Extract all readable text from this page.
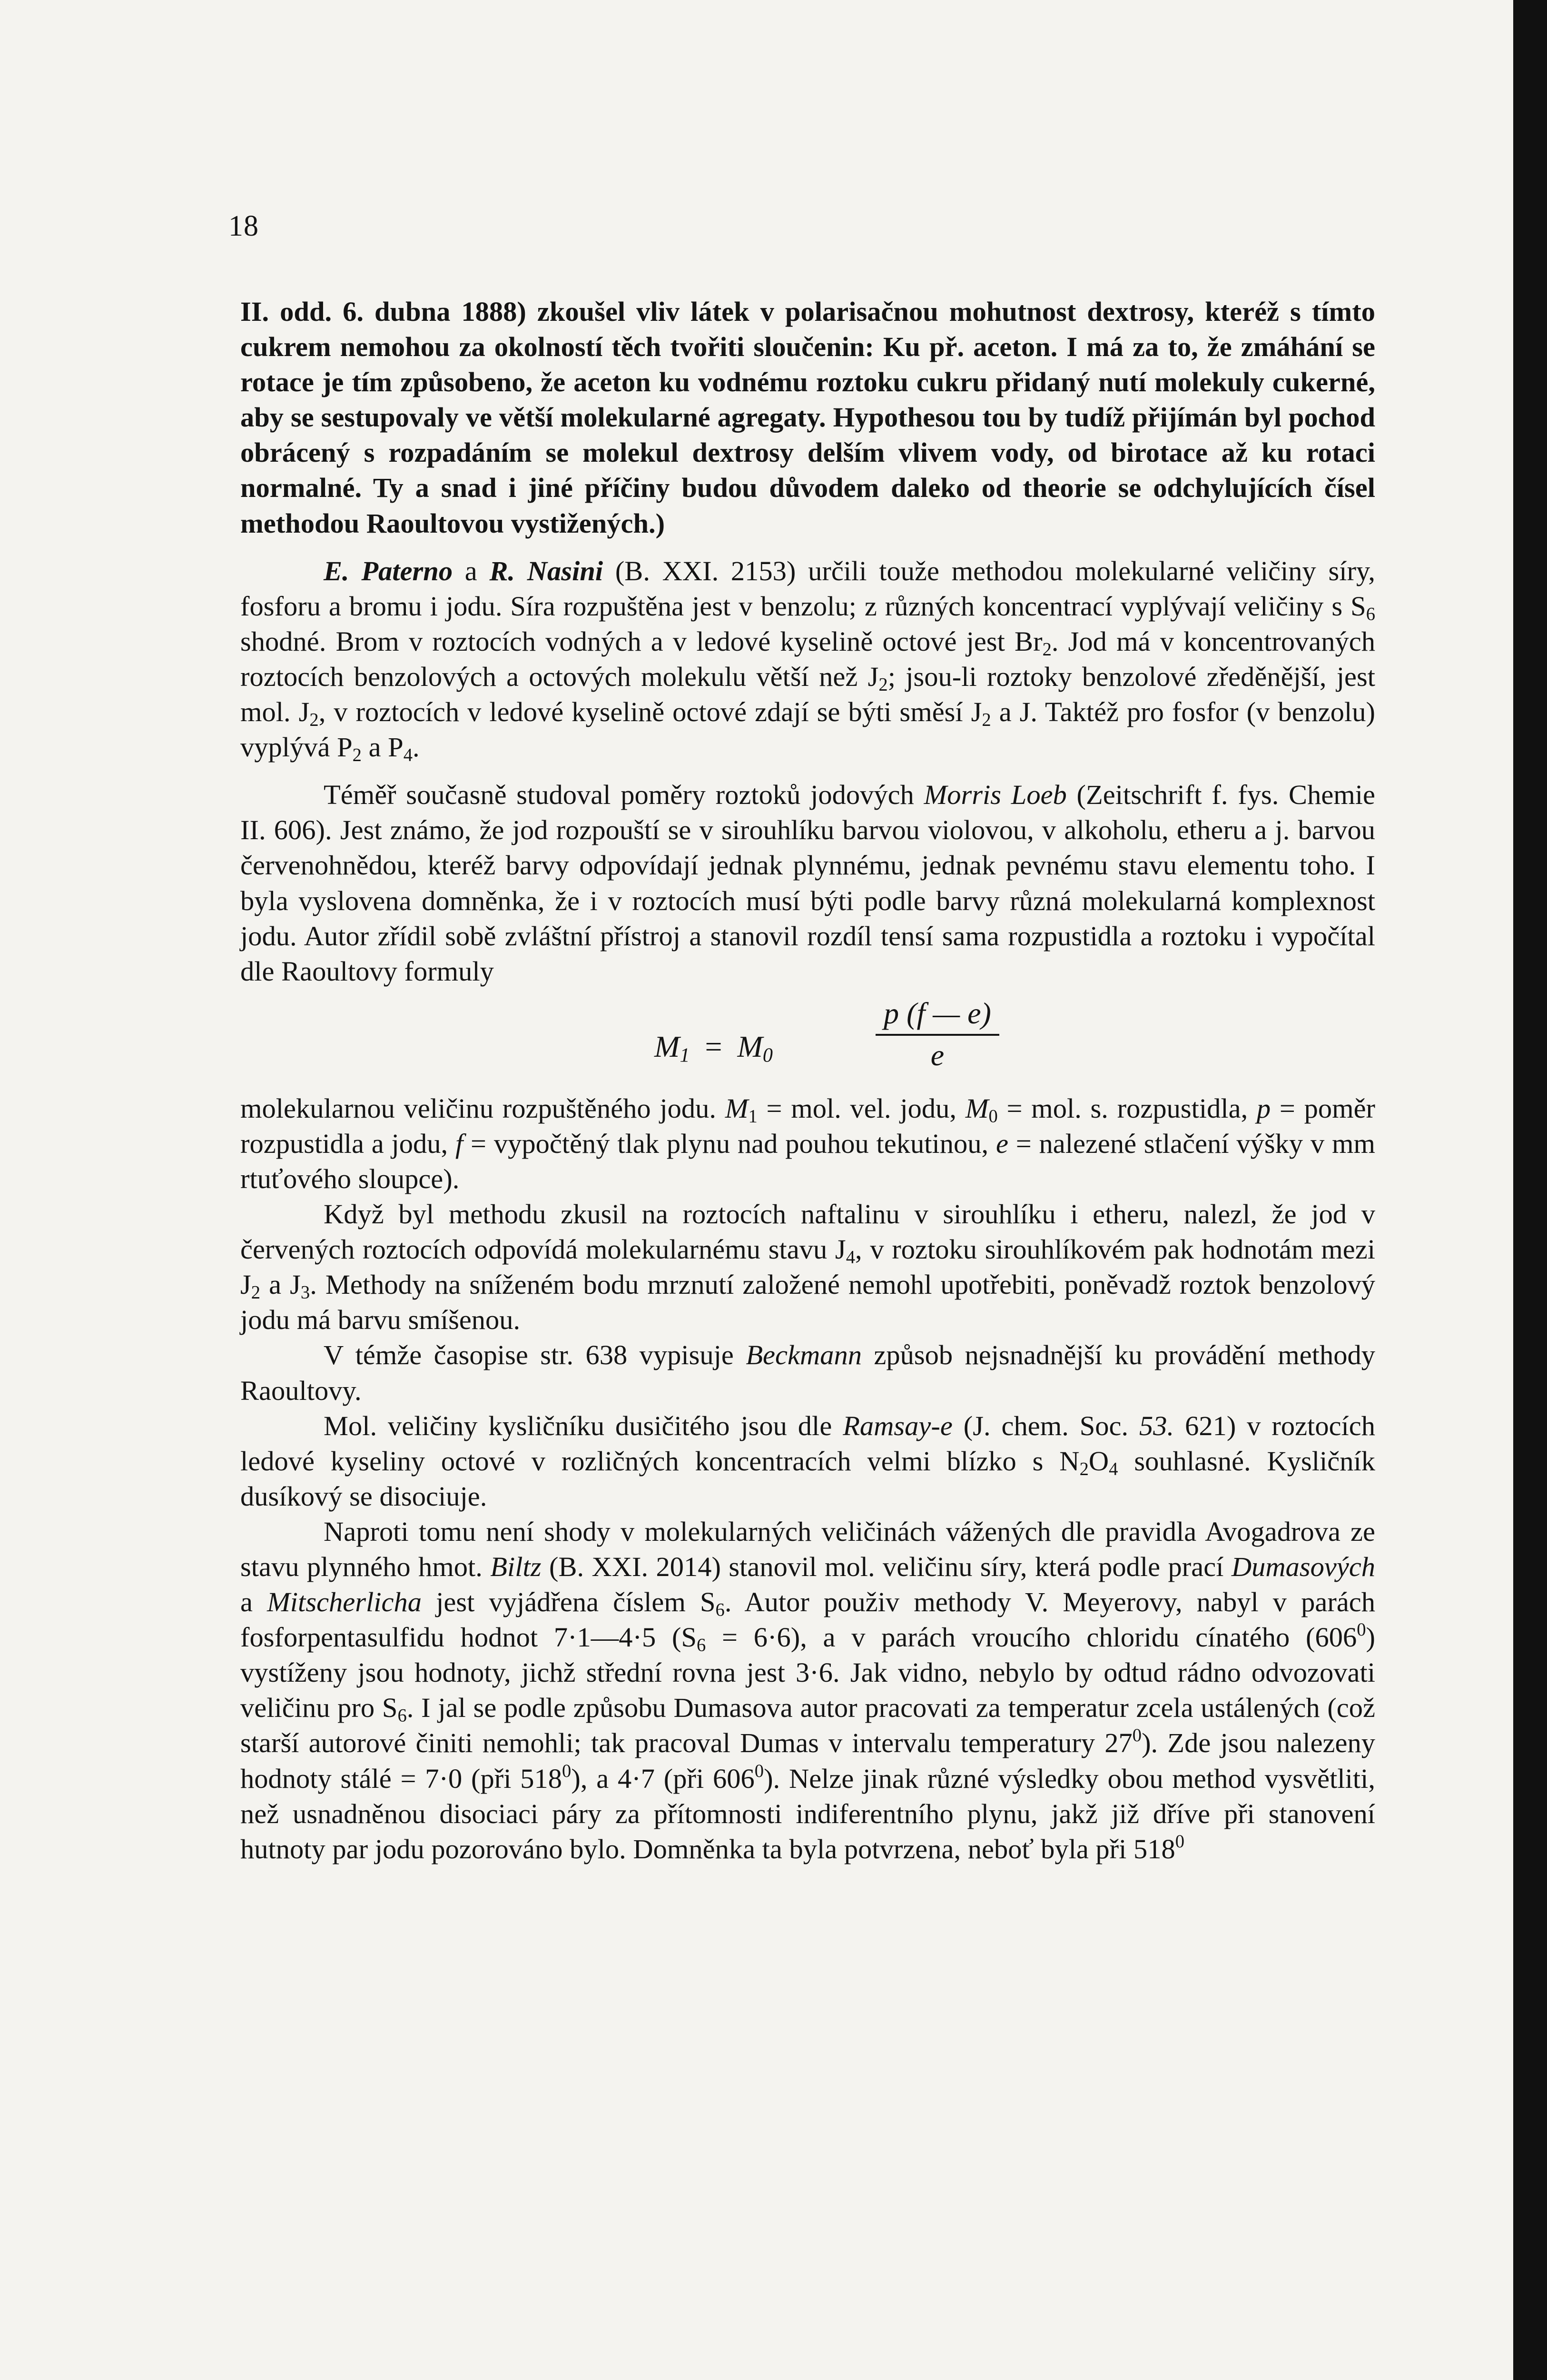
18

II. odd. 6. dubna 1888) zkoušel vliv látek v polarisačnou mohutnost dextrosy, kteréž s tímto cukrem nemohou za okolností těch tvořiti sloučenin: Ku př. aceton. I má za to, že zmáhání se rotace je tím způsobeno, že aceton ku vodnému roztoku cukru přidaný nutí molekuly cukerné, aby se sestupovaly ve větší molekularné agregaty. Hypothesou tou by tudíž přijímán byl pochod obrácený s rozpadáním se molekul dextrosy delším vlivem vody, od birotace až ku rotaci normalné. Ty a snad i jiné příčiny budou důvodem daleko od theorie se odchylujících čísel methodou Raoultovou vystižených.)

E. Paterno a R. Nasini (B. XXI. 2153) určili touže methodou molekularné veličiny síry, fosforu a bromu i jodu. Síra rozpuštěna jest v benzolu; z různých koncentrací vyplývají veličiny s $S_6$ shodné. Brom v roztocích vodných a v ledové kyselině octové jest $Br_2$. Jod má v koncentrovaných roztocích benzolových a octových molekulu větší než $J_2$; jsou-li roztoky benzolové zředěnější, jest mol. $J_2$, v roztocích v ledové kyselině octové zdají se býti směsí $J_2$ a J. Taktéž pro fosfor (v benzolu) vyplývá $P_2$ a $P_4$.

Téměř současně studoval poměry roztoků jodových Morris Loeb (Zeitschrift f. fys. Chemie II. 606). Jest známo, že jod rozpouští se v sirouhlíku barvou violovou, v alkoholu, etheru a j. barvou červenohnědou, kteréž barvy odpovídají jednak plynnému, jednak pevnému stavu elementu toho. I byla vyslovena domněnka, že i v roztocích musí býti podle barvy různá molekularná komplexnost jodu. Autor zřídil sobě zvláštní přístroj a stanovil rozdíl tensí sama rozpustidla a roztoku i vypočítal dle Raoultovy formuly

$M_1 = M_0$
p (f — e)
e

molekularnou veličinu rozpuštěného jodu. $M_1$ = mol. vel. jodu, $M_0$ = mol. s. rozpustidla, p = poměr rozpustidla a jodu, f = vypočtěný tlak plynu nad pouhou tekutinou, e = nalezené stlačení výšky v mm rtuťového sloupce).

Když byl methodu zkusil na roztocích naftalinu v sirouhlíku i etheru, nalezl, že jod v červených roztocích odpovídá molekularnému stavu $J_4$, v roztoku sirouhlíkovém pak hodnotám mezi $J_2$ a $J_3$. Methody na sníženém bodu mrznutí založené nemohl upotřebiti, poněvadž roztok benzolový jodu má barvu smíšenou.

V témže časopise str. 638 vypisuje Beckmann způsob nejsnadnější ku provádění methody Raoultovy.

Mol. veličiny kysličníku dusičitého jsou dle Ramsay-e (J. chem. Soc. 53. 621) v roztocích ledové kyseliny octové v rozličných koncentracích velmi blízko s $N_2O_4$ souhlasné. Kysličník dusíkový se disociuje.

Naproti tomu není shody v molekularných veličinách vážených dle pravidla Avogadrova ze stavu plynného hmot. Biltz (B. XXI. 2014) stanovil mol. veličinu síry, která podle prací Dumasových a Mitscherlicha jest vyjádřena číslem $S_6$. Autor použiv methody V. Meyerovy, nabyl v parách fosforpentasulfidu hodnot 7·1—4·5 $(S_6 = 6\cdot 6)$, a v parách vroucího chloridu cínatého $(606^0)$ vystíženy jsou hodnoty, jichž střední rovna jest 3·6. Jak vidno, nebylo by odtud rádno odvozovati veličinu pro $S_6$. I jal se podle způsobu Dumasova autor pracovati za temperatur zcela ustálených (což starší autorové činiti nemohli; tak pracoval Dumas v intervalu temperatury $27^0$). Zde jsou nalezeny hodnoty stálé = 7·0 (při $518^0$), a 4·7 (při $606^0$). Nelze jinak různé výsledky obou method vysvětliti, než usnadněnou disociaci páry za přítomnosti indiferentního plynu, jakž již dříve při stanovení hutnoty par jodu pozorováno bylo. Domněnka ta byla potvrzena, neboť byla při $518^0$
